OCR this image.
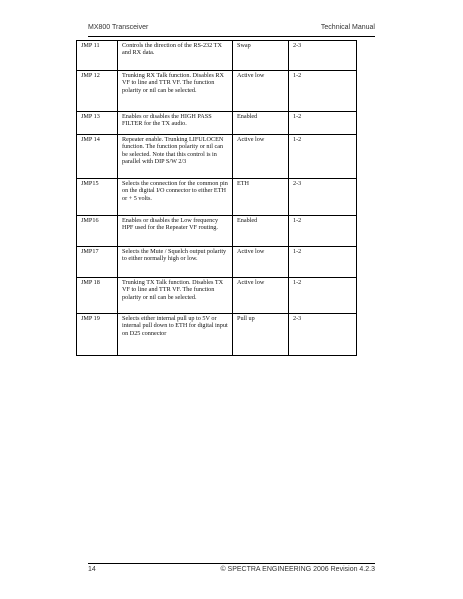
MX800 Transceiver	Technical Manual
JMP 11	Controls the direction of the RS-232 TX and RX data.	Swap	2-3
JMP 12	Trunking RX Talk function. Disables RX VF to line and TTR VF. The function polarity or nil can be selected.	Active low	1-2
JMP 13	Enables or disables the HIGH PASS FILTER for the TX audio.	Enabled	1-2
JMP 14	Repeater enable. Trunking LIFULOCEN function. The function polarity or nil can be selected. Note that this control is in parallel with DIP S/W 2/3	Active low	1-2
JMP15	Selects the connection for the common pin on the digital I/O connector to either ETH or + 5 volts.	ETH	2-3
JMP16	Enables or disables the Low frequency HPF used for the Repeater VF routing.	Enabled	1-2
JMP17	Selects the Mute / Squelch output polarity to either normally high or low.	Active low	1-2
JMP 18	Trunking TX Talk function. Disables TX VF to line and TTR VF. The function polarity or nil can be selected.	Active low	1-2
JMP 19	Selects either internal pull up to 5V or internal pull down to ETH for digital input on D25 connector	Pull up	2-3
14	© SPECTRA ENGINEERING 2006 Revision 4.2.3
